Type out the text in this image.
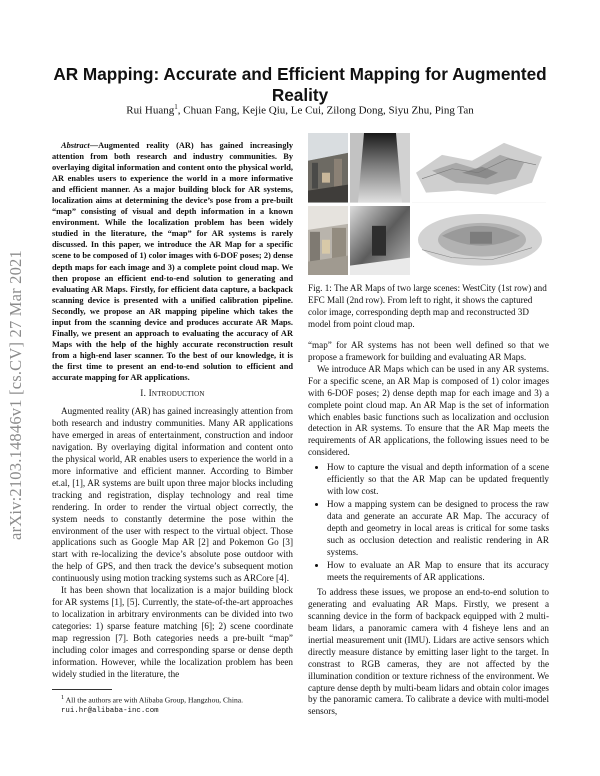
arXiv:2103.14846v1 [cs.CV] 27 Mar 2021
AR Mapping: Accurate and Efficient Mapping for Augmented Reality
Rui Huang$^1$, Chuan Fang, Kejie Qiu, Le Cui, Zilong Dong, Siyu Zhu, Ping Tan

Abstract—Augmented reality (AR) has gained increasingly attention from both research and industry communities. By overlaying digital information and content onto the physical world, AR enables users to experience the world in a more informative and efficient manner. As a major building block for AR systems, localization aims at determining the device’s pose from a pre-built “map” consisting of visual and depth information in a known environment. While the localization problem has been widely studied in the literature, the “map” for AR systems is rarely discussed. In this paper, we introduce the AR Map for a specific scene to be composed of 1) color images with 6-DOF poses; 2) dense depth maps for each image and 3) a complete point cloud map. We then propose an efficient end-to-end solution to generating and evaluating AR Maps. Firstly, for efficient data capture, a backpack scanning device is presented with a unified calibration pipeline. Secondly, we propose an AR mapping pipeline which takes the input from the scanning device and produces accurate AR Maps. Finally, we present an approach to evaluating the accuracy of AR Maps with the help of the highly accurate reconstruction result from a high-end laser scanner. To the best of our knowledge, it is the first time to present an end-to-end solution to efficient and accurate mapping for AR applications.

I. Introduction

Augmented reality (AR) has gained increasingly attention from both research and industry communities. Many AR applications have emerged in areas of entertainment, construction and indoor navigation. By overlaying digital information and content onto the physical world, AR enables users to experience the world in a more informative and efficient manner. According to Bimber et.al, [1], AR systems are built upon three major blocks including tracking and registration, display technology and real time rendering. In order to render the virtual object correctly, the system needs to constantly determine the pose within the environment of the user with respect to the virtual object. Those applications such as Google Map AR [2] and Pokemon Go [3] start with re-localizing the device’s absolute pose outdoor with the help of GPS, and then track the device’s subsequent motion continuously using motion tracking systems such as ARCore [4].

It has been shown that localization is a major building block for AR systems [1], [5]. Currently, the state-of-the-art approaches to localization in arbitrary environments can be divided into two categories: 1) sparse feature matching [6]; 2) scene coordinate map regression [7]. Both categories needs a pre-built “map” including color images and corresponding sparse or dense depth information. However, while the localization problem has been widely studied in the literature, the

$^1$ All the authors are with Alibaba Group, Hangzhou, China.
rui.hr@alibaba-inc.com

Fig. 1: The AR Maps of two large scenes: WestCity (1st row) and EFC Mall (2nd row). From left to right, it shows the captured color image, corresponding depth map and reconstructed 3D model from point cloud map.

“map” for AR systems has not been well defined so that we propose a framework for building and evaluating AR Maps.

We introduce AR Maps which can be used in any AR systems. For a specific scene, an AR Map is composed of 1) color images with 6-DOF poses; 2) dense depth map for each image and 3) a complete point cloud map. An AR Map is the set of information which enables basic functions such as localization and occlusion detection in AR systems. To ensure that the AR Map meets the requirements of AR applications, the following issues need to be considered.

• How to capture the visual and depth information of a scene efficiently so that the AR Map can be updated frequently with low cost.
• How a mapping system can be designed to process the raw data and generate an accurate AR Map. The accuracy of depth and geometry in local areas is critical for some tasks such as occlusion detection and realistic rendering in AR systems.
• How to evaluate an AR Map to ensure that its accuracy meets the requirements of AR applications.

To address these issues, we propose an end-to-end solution to generating and evaluating AR Maps. Firstly, we present a scanning device in the form of backpack equipped with 2 multi-beam lidars, a panoramic camera with 4 fisheye lens and an inertial measurement unit (IMU). Lidars are active sensors which directly measure distance by emitting laser light to the target. In constrast to RGB cameras, they are not affected by the illumination condition or texture richness of the environment. We capture dense depth by multi-beam lidars and obtain color images by the panoramic camera. To calibrate a device with multi-model sensors,
